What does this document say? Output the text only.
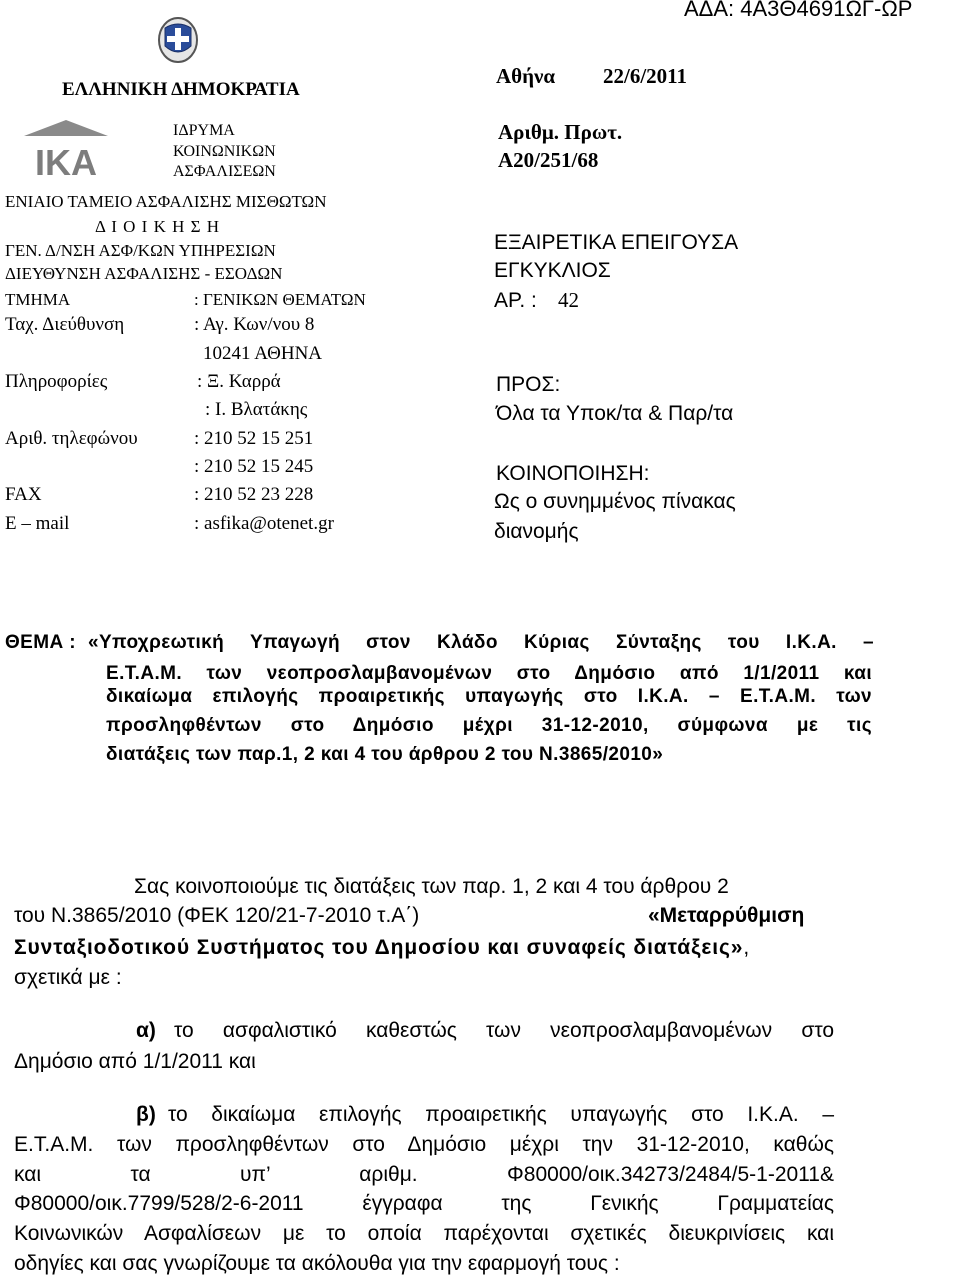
ΑΔΑ: 4Α3Θ4691ΩΓ-ΩΡ
ΕΛΛΗΝΙΚΗ ΔΗΜΟΚΡΑΤΙΑ
IKA
ΙΔΡΥΜΑ
ΚΟΙΝΩΝΙΚΩΝ
ΑΣΦΑΛΙΣΕΩΝ
ΕΝΙΑΙΟ ΤΑΜΕΙΟ ΑΣΦΑΛΙΣΗΣ ΜΙΣΘΩΤΩΝ
Δ Ι Ο Ι Κ Η Σ Η
ΓΕΝ. Δ/ΝΣΗ ΑΣΦ/ΚΩΝ ΥΠΗΡΕΣΙΩΝ
ΔΙΕΥΘΥΝΣΗ ΑΣΦΑΛΙΣΗΣ - ΕΣΟΔΩΝ
ΤΜΗΜΑ	: ΓΕΝΙΚΩΝ ΘΕΜΑΤΩΝ
Ταχ. Διεύθυνση	: Αγ. Κων/νου 8
10241 ΑΘΗΝΑ
Πληροφορίες	: Ξ. Καρρά
: Ι. Βλατάκης
Αριθ. τηλεφώνου	: 210 52 15 251
: 210 52 15 245
FAX	: 210 52 23 228
E – mail	: asfika@otenet.gr
Αθήνα 22/6/2011
Αριθμ. Πρωτ.
Α20/251/68
ΕΞΑΙΡΕΤΙΚΑ ΕΠΕΙΓΟΥΣΑ
ΕΓΚΥΚΛΙΟΣ
ΑΡ. : 42
ΠΡΟΣ:
Όλα τα Υποκ/τα & Παρ/τα
ΚΟΙΝΟΠΟΙΗΣΗ:
Ως ο συνημμένος πίνακας
διανομής
ΘΕΜΑ : «Υποχρεωτική Υπαγωγή στον Κλάδο Κύριας Σύνταξης του Ι.Κ.Α. –
Ε.Τ.Α.Μ. των νεοπροσλαμβανομένων στο Δημόσιο από 1/1/2011 και
δικαίωμα επιλογής προαιρετικής υπαγωγής στο Ι.Κ.Α. – Ε.Τ.Α.Μ. των
προσληφθέντων στο Δημόσιο μέχρι 31-12-2010, σύμφωνα με τις
διατάξεις των παρ.1, 2 και 4 του άρθρου 2 του Ν.3865/2010»
Σας κοινοποιούμε τις διατάξεις των παρ. 1, 2 και 4 του άρθρου 2
του Ν.3865/2010 (ΦΕΚ 120/21-7-2010 τ.Α΄)	«Μεταρρύθμιση
Συνταξιοδοτικού Συστήματος του Δημοσίου και συναφείς διατάξεις»,
σχετικά με :
α) το ασφαλιστικό καθεστώς των νεοπροσλαμβανομένων στο
Δημόσιο από 1/1/2011 και
β) το δικαίωμα επιλογής προαιρετικής υπαγωγής στο Ι.Κ.Α. –
Ε.Τ.Α.Μ. των προσληφθέντων στο Δημόσιο μέχρι την 31-12-2010, καθώς
και τα υπ’ αριθμ. Φ80000/οικ.34273/2484/5-1-2011&
Φ80000/οικ.7799/528/2-6-2011 έγγραφα της Γενικής Γραμματείας
Κοινωνικών Ασφαλίσεων με το οποία παρέχονται σχετικές διευκρινίσεις και
οδηγίες και σας γνωρίζουμε τα ακόλουθα για την εφαρμογή τους :
